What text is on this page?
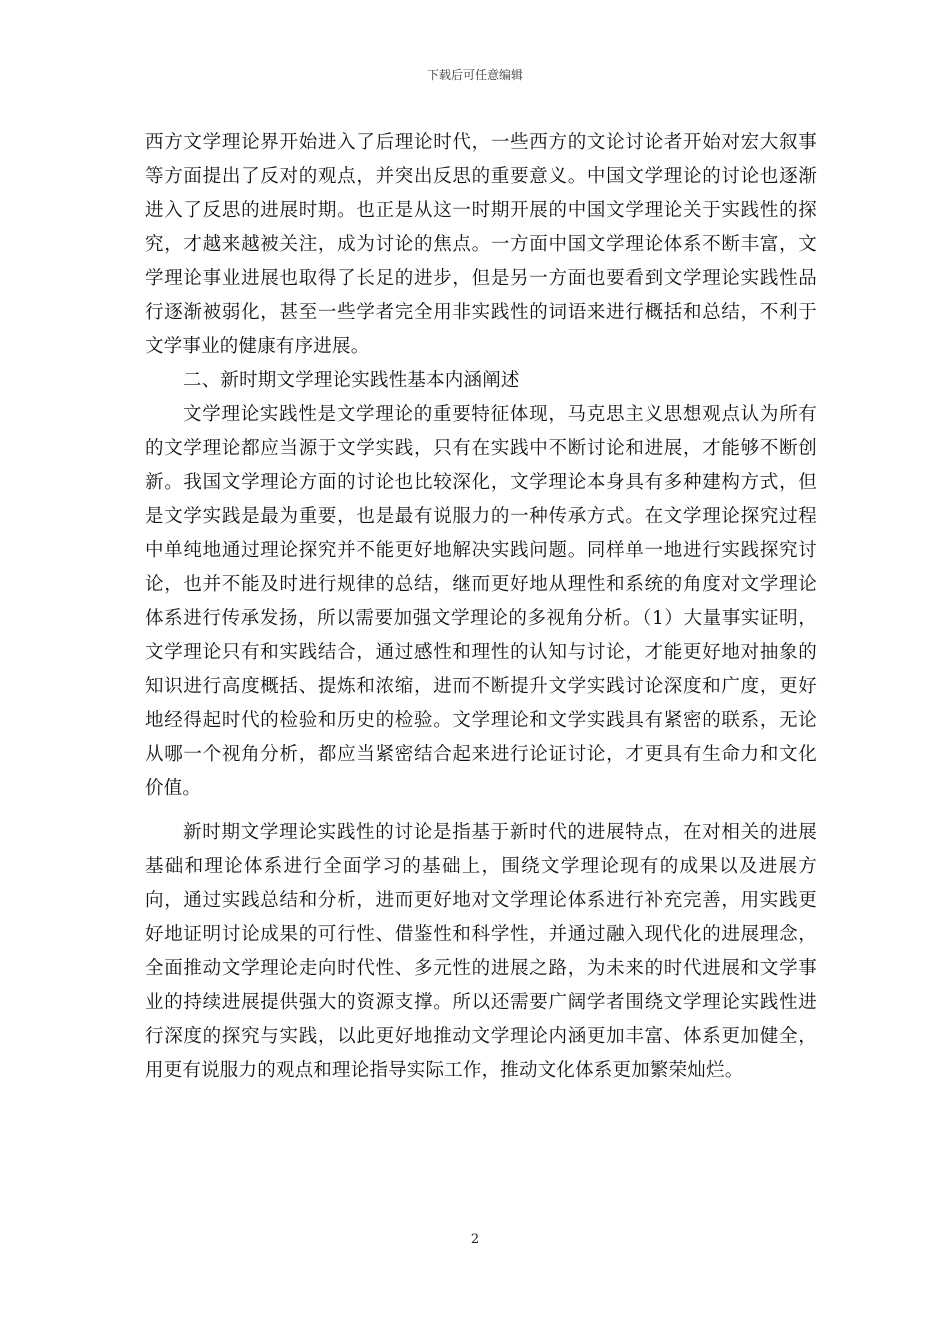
下载后可任意编辑

西方文学理论界开始进入了后理论时代，一些西方的文论讨论者开始对宏大叙事等方面提出了反对的观点，并突出反思的重要意义。中国文学理论的讨论也逐渐进入了反思的进展时期。也正是从这一时期开展的中国文学理论关于实践性的探究，才越来越被关注，成为讨论的焦点。一方面中国文学理论体系不断丰富，文学理论事业进展也取得了长足的进步，但是另一方面也要看到文学理论实践性品行逐渐被弱化，甚至一些学者完全用非实践性的词语来进行概括和总结，不利于文学事业的健康有序进展。

二、新时期文学理论实践性基本内涵阐述

文学理论实践性是文学理论的重要特征体现，马克思主义思想观点认为所有的文学理论都应当源于文学实践，只有在实践中不断讨论和进展，才能够不断创新。我国文学理论方面的讨论也比较深化，文学理论本身具有多种建构方式，但是文学实践是最为重要，也是最有说服力的一种传承方式。在文学理论探究过程中单纯地通过理论探究并不能更好地解决实践问题。同样单一地进行实践探究讨论，也并不能及时进行规律的总结，继而更好地从理性和系统的角度对文学理论体系进行传承发扬，所以需要加强文学理论的多视角分析。（1）大量事实证明，文学理论只有和实践结合，通过感性和理性的认知与讨论，才能更好地对抽象的知识进行高度概括、提炼和浓缩，进而不断提升文学实践讨论深度和广度，更好地经得起时代的检验和历史的检验。文学理论和文学实践具有紧密的联系，无论从哪一个视角分析，都应当紧密结合起来进行论证讨论，才更具有生命力和文化价值。

新时期文学理论实践性的讨论是指基于新时代的进展特点，在对相关的进展基础和理论体系进行全面学习的基础上，围绕文学理论现有的成果以及进展方向，通过实践总结和分析，进而更好地对文学理论体系进行补充完善，用实践更好地证明讨论成果的可行性、借鉴性和科学性，并通过融入现代化的进展理念，全面推动文学理论走向时代性、多元性的进展之路，为未来的时代进展和文学事业的持续进展提供强大的资源支撑。所以还需要广阔学者围绕文学理论实践性进行深度的探究与实践，以此更好地推动文学理论内涵更加丰富、体系更加健全，用更有说服力的观点和理论指导实际工作，推动文化体系更加繁荣灿烂。

2
